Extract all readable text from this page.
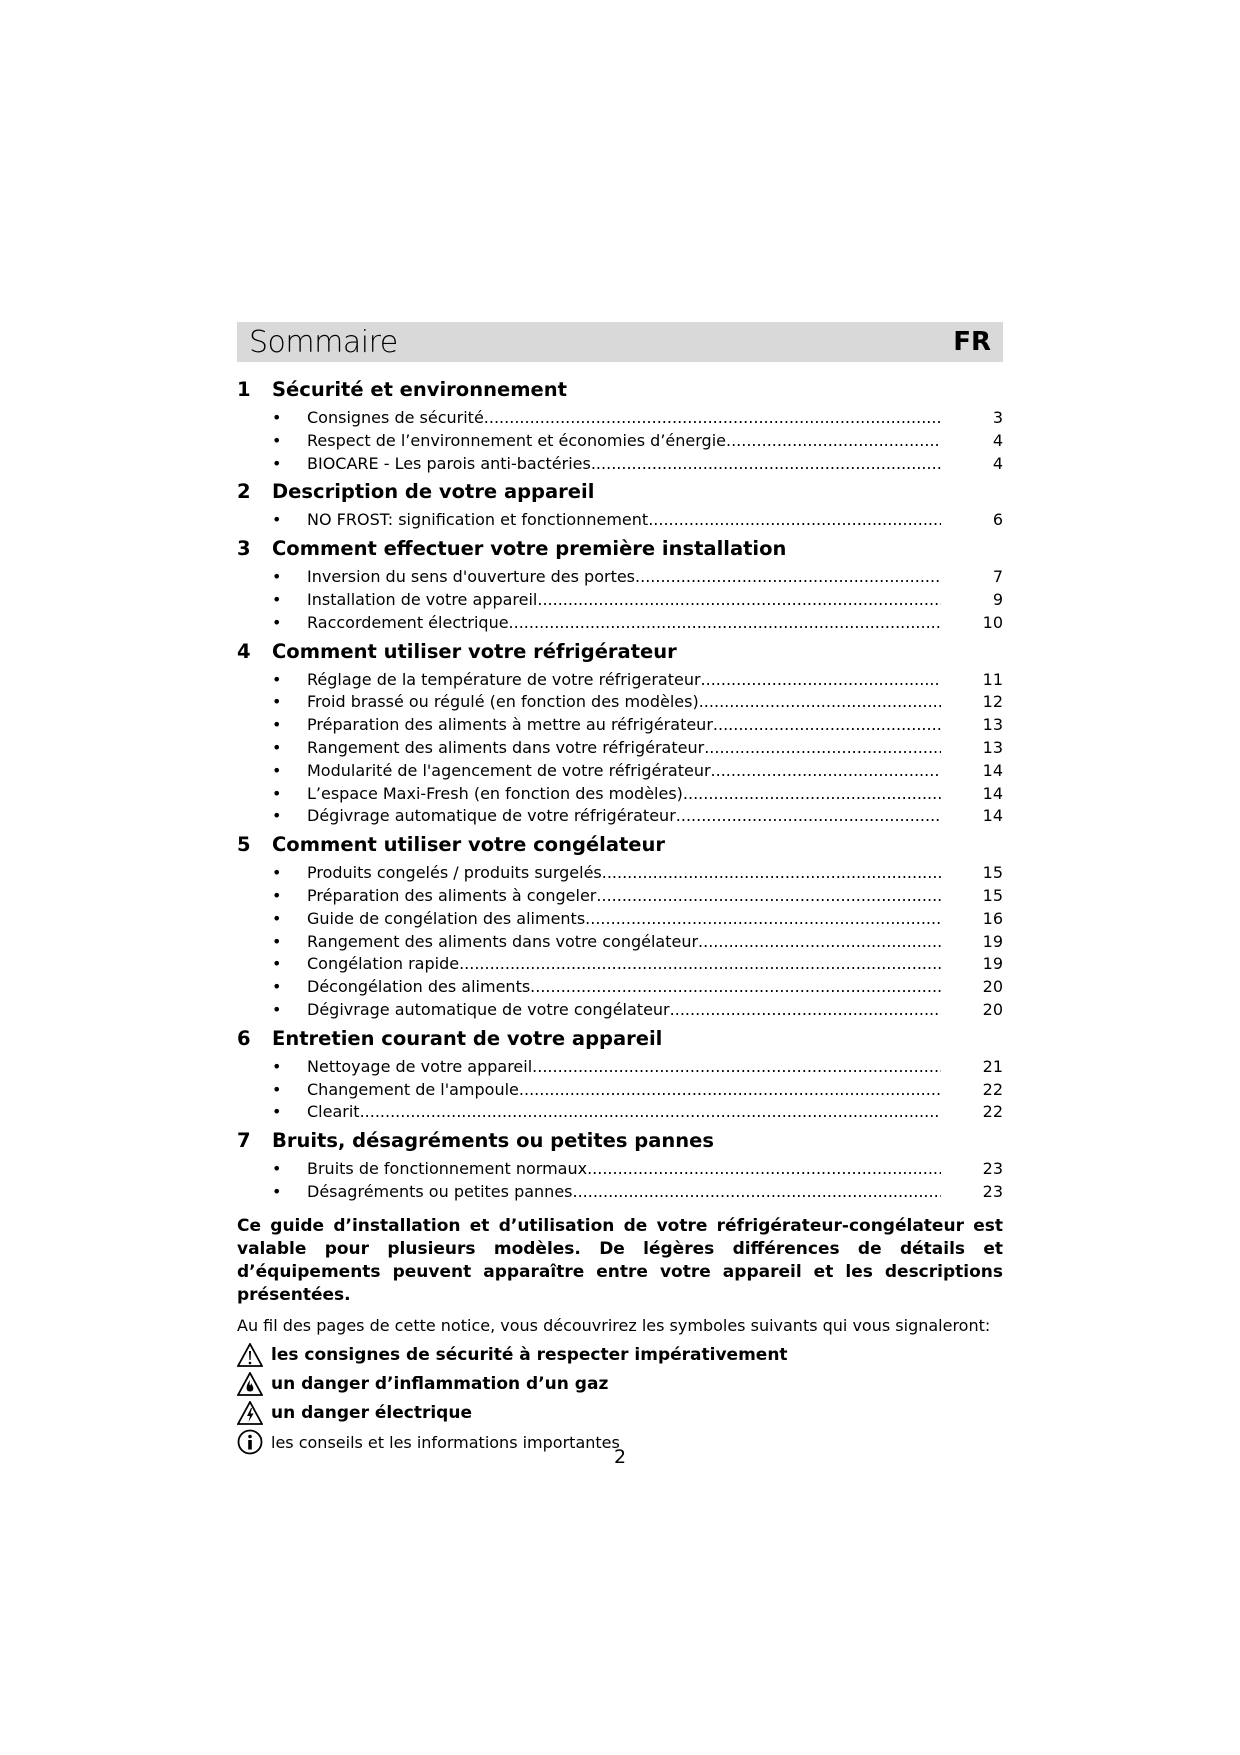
Sommaire	FR
1	Sécurité et environnement
•	Consignes de sécurité .....	3
•	Respect de l’environnement et économies d’énergie .....	4
•	BIOCARE - Les parois anti-bactéries .....	4
2	Description de votre appareil
•	NO FROST: signification et fonctionnement .....	6
3	Comment effectuer votre première installation
•	Inversion du sens d'ouverture des portes .....	7
•	Installation de votre appareil .....	9
•	Raccordement électrique .....	10
4	Comment utiliser votre réfrigérateur
•	Réglage de la température de votre réfrigerateur .....	11
•	Froid brassé ou régulé (en fonction des modèles) .....	12
•	Préparation des aliments à mettre au réfrigérateur .....	13
•	Rangement des aliments dans votre réfrigérateur .....	13
•	Modularité de l'agencement de votre réfrigérateur .....	14
•	L’espace Maxi-Fresh (en fonction des modèles) .....	14
•	Dégivrage automatique de votre réfrigérateur .....	14
5	Comment utiliser votre congélateur
•	Produits congelés / produits surgelés .....	15
•	Préparation des aliments à congeler .....	15
•	Guide de congélation des aliments .....	16
•	Rangement des aliments dans votre congélateur .....	19
•	Congélation rapide .....	19
•	Décongélation des aliments .....	20
•	Dégivrage automatique de votre congélateur .....	20
6	Entretien courant de votre appareil
•	Nettoyage de votre appareil .....	21
•	Changement de l'ampoule .....	22
•	Clearit .....	22
7	Bruits, désagréments ou petites pannes
•	Bruits de fonctionnement normaux .....	23
•	Désagréments ou petites pannes .....	23
Ce guide d’installation et d’utilisation de votre réfrigérateur-congélateur est valable pour plusieurs modèles. De légères différences de détails et d’équipements peuvent apparaître entre votre appareil et les descriptions présentées.
Au fil des pages de cette notice, vous découvrirez les symboles suivants qui vous signaleront:
les consignes de sécurité à respecter impérativement
un danger d’inflammation d’un gaz
un danger électrique
les conseils et les informations importantes
2
